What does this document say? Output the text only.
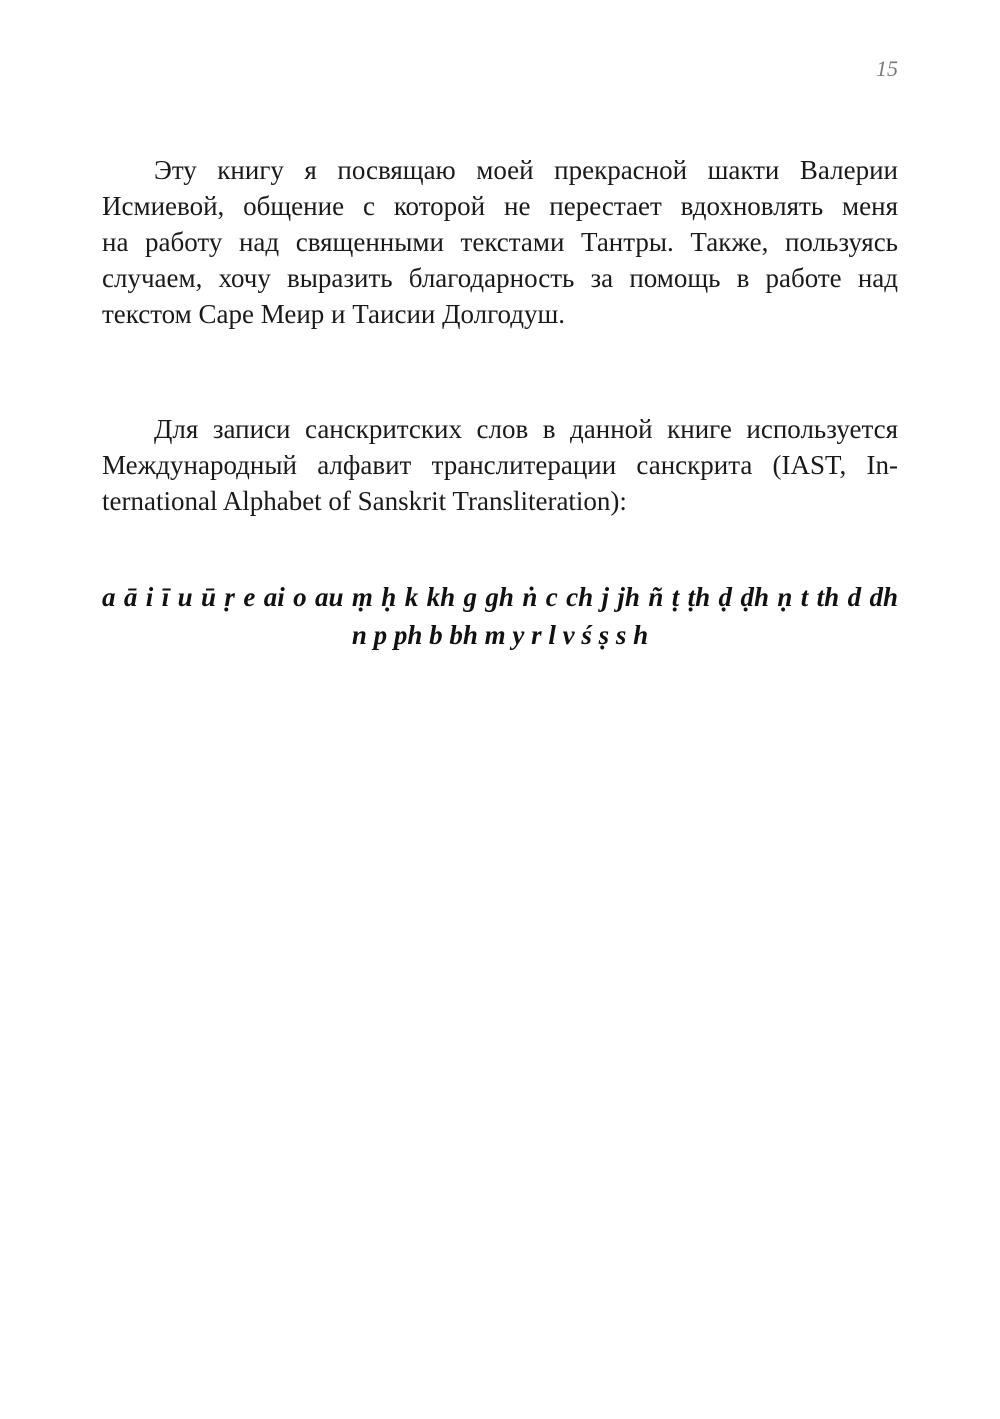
15
Эту книгу я посвящаю моей прекрасной шакти Валерии
Исмиевой, общение с которой не перестает вдохновлять меня
на работу над священными текстами Тантры. Также, пользуясь
случаем, хочу выразить благодарность за помощь в работе над
текстом Саре Меир и Таисии Долгодуш.
Для записи санскритских слов в данной книге используется
Международный алфавит транслитерации санскрита (IAST, In-
ternational Alphabet of Sanskrit Transliteration):
a ā i ī u ū ṛ e ai o au ṃ ḥ k kh g gh ṅ c ch j jh ñ ṭ ṭh ḍ ḍh ṇ t th d dh
n p ph b bh m y r l v ś ṣ s h
